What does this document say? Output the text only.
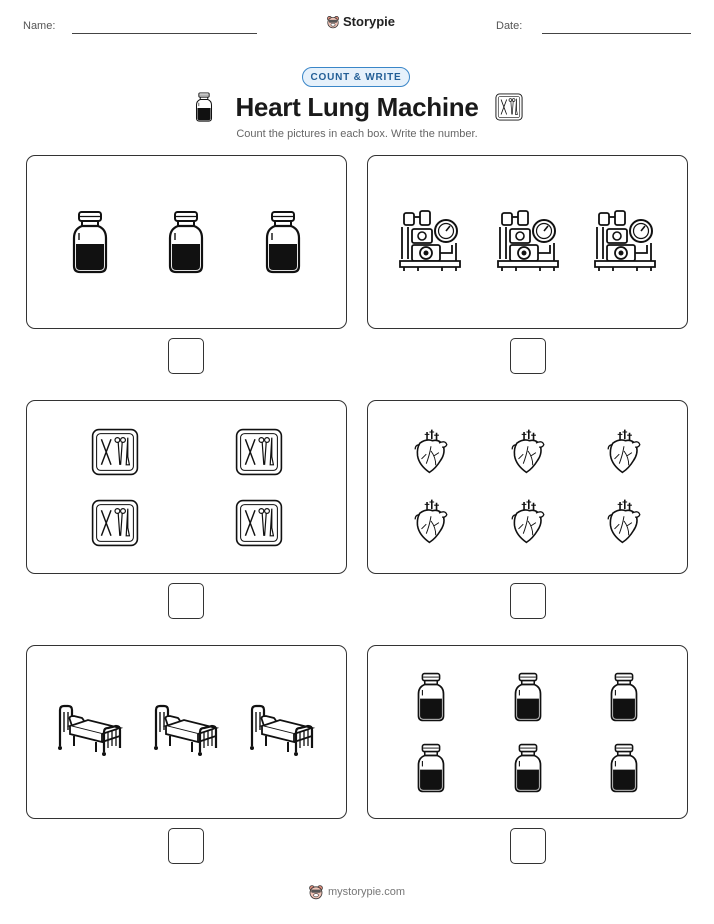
Name:	Storypie	Date:
COUNT & WRITE
Heart Lung Machine
Count the pictures in each box. Write the number.
mystorypie.com
